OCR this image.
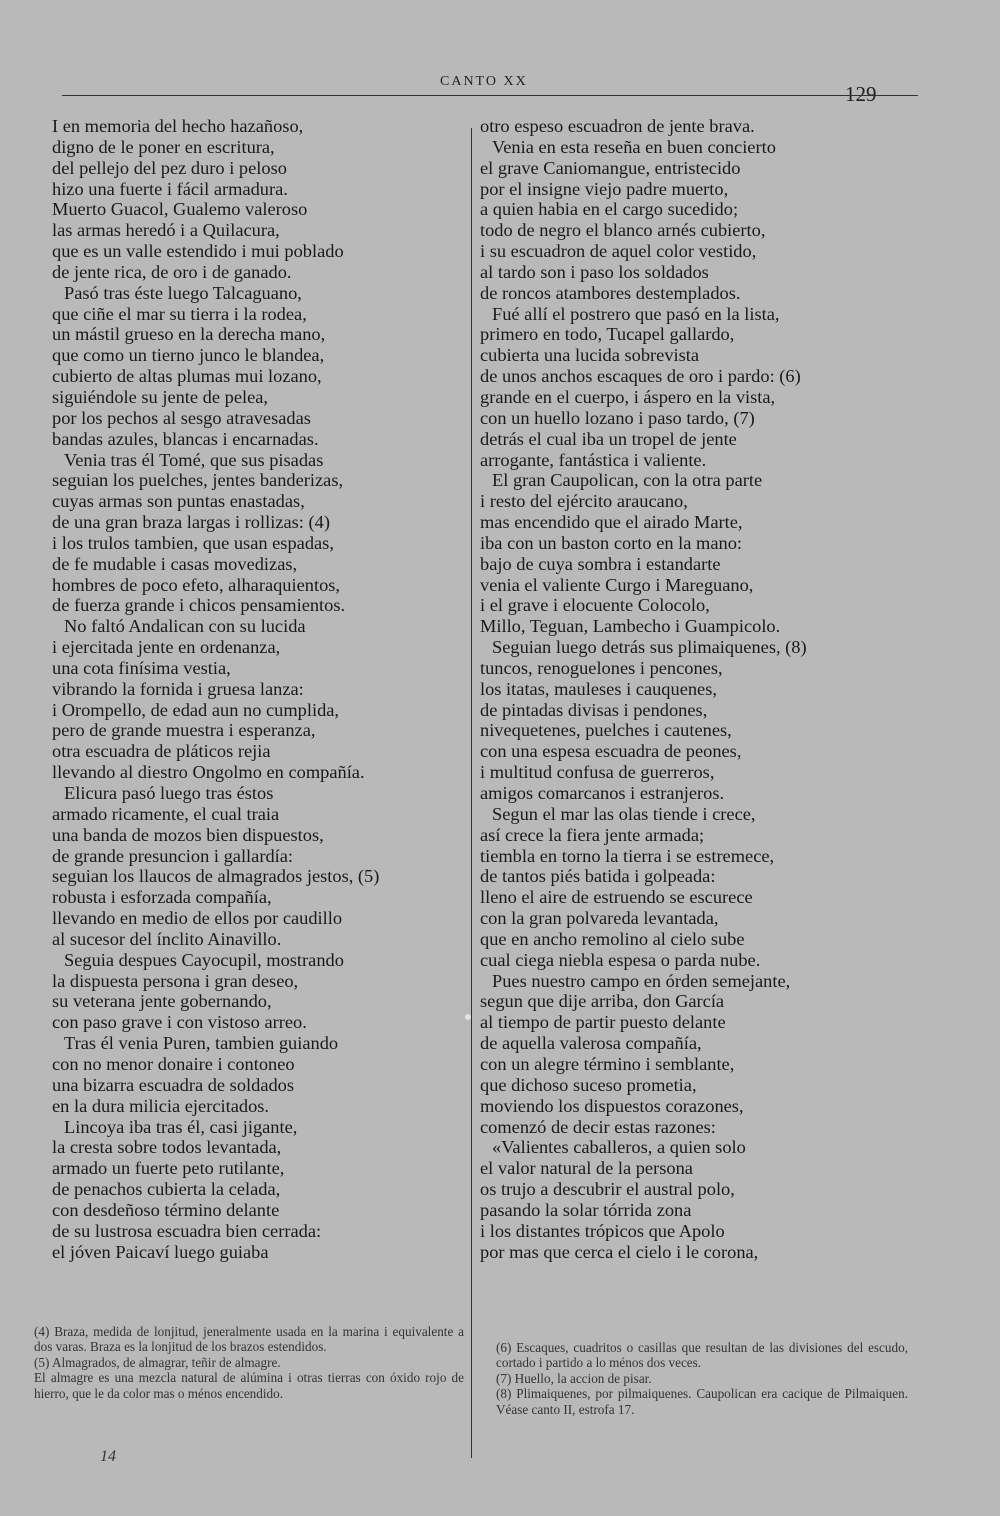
CANTO XX
129
I en memoria del hecho hazañoso,
digno de le poner en escritura,
del pellejo del pez duro i peloso
hizo una fuerte i fácil armadura.
Muerto Guacol, Gualemo valeroso
las armas heredó i a Quilacura,
que es un valle estendido i mui poblado
de jente rica, de oro i de ganado.
Pasó tras éste luego Talcaguano,
que ciñe el mar su tierra i la rodea,
un mástil grueso en la derecha mano,
que como un tierno junco le blandea,
cubierto de altas plumas mui lozano,
siguiéndole su jente de pelea,
por los pechos al sesgo atravesadas
bandas azules, blancas i encarnadas.
Venia tras él Tomé, que sus pisadas
seguian los puelches, jentes banderizas,
cuyas armas son puntas enastadas,
de una gran braza largas i rollizas: (4)
i los trulos tambien, que usan espadas,
de fe mudable i casas movedizas,
hombres de poco efeto, alharaquientos,
de fuerza grande i chicos pensamientos.
No faltó Andalican con su lucida
i ejercitada jente en ordenanza,
una cota finísima vestia,
vibrando la fornida i gruesa lanza:
i Orompello, de edad aun no cumplida,
pero de grande muestra i esperanza,
otra escuadra de pláticos rejia
llevando al diestro Ongolmo en compañía.
Elicura pasó luego tras éstos
armado ricamente, el cual traia
una banda de mozos bien dispuestos,
de grande presuncion i gallardía:
seguian los llaucos de almagrados jestos, (5)
robusta i esforzada compañía,
llevando en medio de ellos por caudillo
al sucesor del ínclito Ainavillo.
Seguia despues Cayocupil, mostrando
la dispuesta persona i gran deseo,
su veterana jente gobernando,
con paso grave i con vistoso arreo.
Tras él venia Puren, tambien guiando
con no menor donaire i contoneo
una bizarra escuadra de soldados
en la dura milicia ejercitados.
Lincoya iba tras él, casi jigante,
la cresta sobre todos levantada,
armado un fuerte peto rutilante,
de penachos cubierta la celada,
con desdeñoso término delante
de su lustrosa escuadra bien cerrada:
el jóven Paicaví luego guiaba
otro espeso escuadron de jente brava.
Venia en esta reseña en buen concierto
el grave Caniomangue, entristecido
por el insigne viejo padre muerto,
a quien habia en el cargo sucedido;
todo de negro el blanco arnés cubierto,
i su escuadron de aquel color vestido,
al tardo son i paso los soldados
de roncos atambores destemplados.
Fué allí el postrero que pasó en la lista,
primero en todo, Tucapel gallardo,
cubierta una lucida sobrevista
de unos anchos escaques de oro i pardo: (6)
grande en el cuerpo, i áspero en la vista,
con un huello lozano i paso tardo, (7)
detrás el cual iba un tropel de jente
arrogante, fantástica i valiente.
El gran Caupolican, con la otra parte
i resto del ejército araucano,
mas encendido que el airado Marte,
iba con un baston corto en la mano:
bajo de cuya sombra i estandarte
venia el valiente Curgo i Mareguano,
i el grave i elocuente Colocolo,
Millo, Teguan, Lambecho i Guampicolo.
Seguian luego detrás sus plimaiquenes, (8)
tuncos, renoguelones i pencones,
los itatas, mauleses i cauquenes,
de pintadas divisas i pendones,
nivequetenes, puelches i cautenes,
con una espesa escuadra de peones,
i multitud confusa de guerreros,
amigos comarcanos i estranjeros.
Segun el mar las olas tiende i crece,
así crece la fiera jente armada;
tiembla en torno la tierra i se estremece,
de tantos piés batida i golpeada:
lleno el aire de estruendo se escurece
con la gran polvareda levantada,
que en ancho remolino al cielo sube
cual ciega niebla espesa o parda nube.
Pues nuestro campo en órden semejante,
segun que dije arriba, don García
al tiempo de partir puesto delante
de aquella valerosa compañía,
con un alegre término i semblante,
que dichoso suceso prometia,
moviendo los dispuestos corazones,
comenzó de decir estas razones:
«Valientes caballeros, a quien solo
el valor natural de la persona
os trujo a descubrir el austral polo,
pasando la solar tórrida zona
i los distantes trópicos que Apolo
por mas que cerca el cielo i le corona,
(4) Braza, medida de lonjitud, jeneralmente usada en la marina i equivalente a dos varas. Braza es la lonjitud de los brazos estendidos.
(5) Almagrados, de almagrar, teñir de almagre.
El almagre es una mezcla natural de alúmina i otras tierras con óxido rojo de hierro, que le da color mas o ménos encendido.
(6) Escaques, cuadritos o casillas que resultan de las divisiones del escudo, cortado i partido a lo ménos dos veces.
(7) Huello, la accion de pisar.
(8) Plimaiquenes, por pilmaiquenes. Caupolican era cacique de Pilmaiquen. Véase canto II, estrofa 17.
14
